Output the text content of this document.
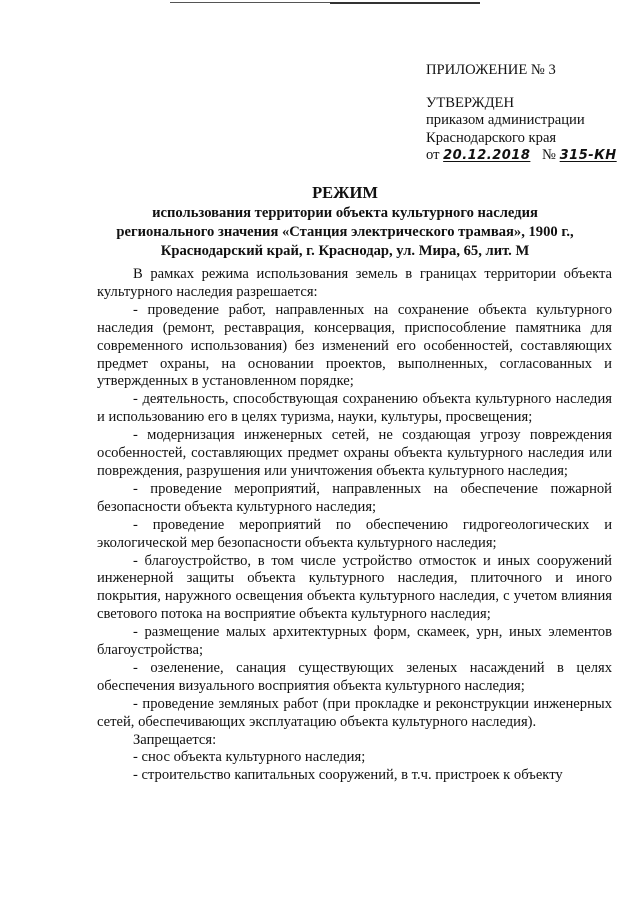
ПРИЛОЖЕНИЕ № 3
УТВЕРЖДЕН
приказом администрации
Краснодарского края
от 20.12.2018 № 315-КН
РЕЖИМ
использования территории объекта культурного наследия
регионального значения «Станция электрического трамвая», 1900 г.,
Краснодарский край, г. Краснодар, ул. Мира, 65, лит. М

В рамках режима использования земель в границах территории объекта культурного наследия разрешается:

- проведение работ, направленных на сохранение объекта культурного наследия (ремонт, реставрация, консервация, приспособление памятника для современного использования) без изменений его особенностей, составляющих предмет охраны, на основании проектов, выполненных, согласованных и утвержденных в установленном порядке;

- деятельность, способствующая сохранению объекта культурного наследия и использованию его в целях туризма, науки, культуры, просвещения;

- модернизация инженерных сетей, не создающая угрозу повреждения особенностей, составляющих предмет охраны объекта культурного наследия или повреждения, разрушения или уничтожения объекта культурного наследия;

- проведение мероприятий, направленных на обеспечение пожарной безопасности объекта культурного наследия;

- проведение мероприятий по обеспечению гидрогеологических и экологической мер безопасности объекта культурного наследия;

- благоустройство, в том числе устройство отмосток и иных сооружений инженерной защиты объекта культурного наследия, плиточного и иного покрытия, наружного освещения объекта культурного наследия, с учетом влияния светового потока на восприятие объекта культурного наследия;

- размещение малых архитектурных форм, скамеек, урн, иных элементов благоустройства;

- озеленение, санация существующих зеленых насаждений в целях обеспечения визуального восприятия объекта культурного наследия;

- проведение земляных работ (при прокладке и реконструкции инженерных сетей, обеспечивающих эксплуатацию объекта культурного наследия).

Запрещается:

- снос объекта культурного наследия;

- строительство капитальных сооружений, в т.ч. пристроек к объекту
